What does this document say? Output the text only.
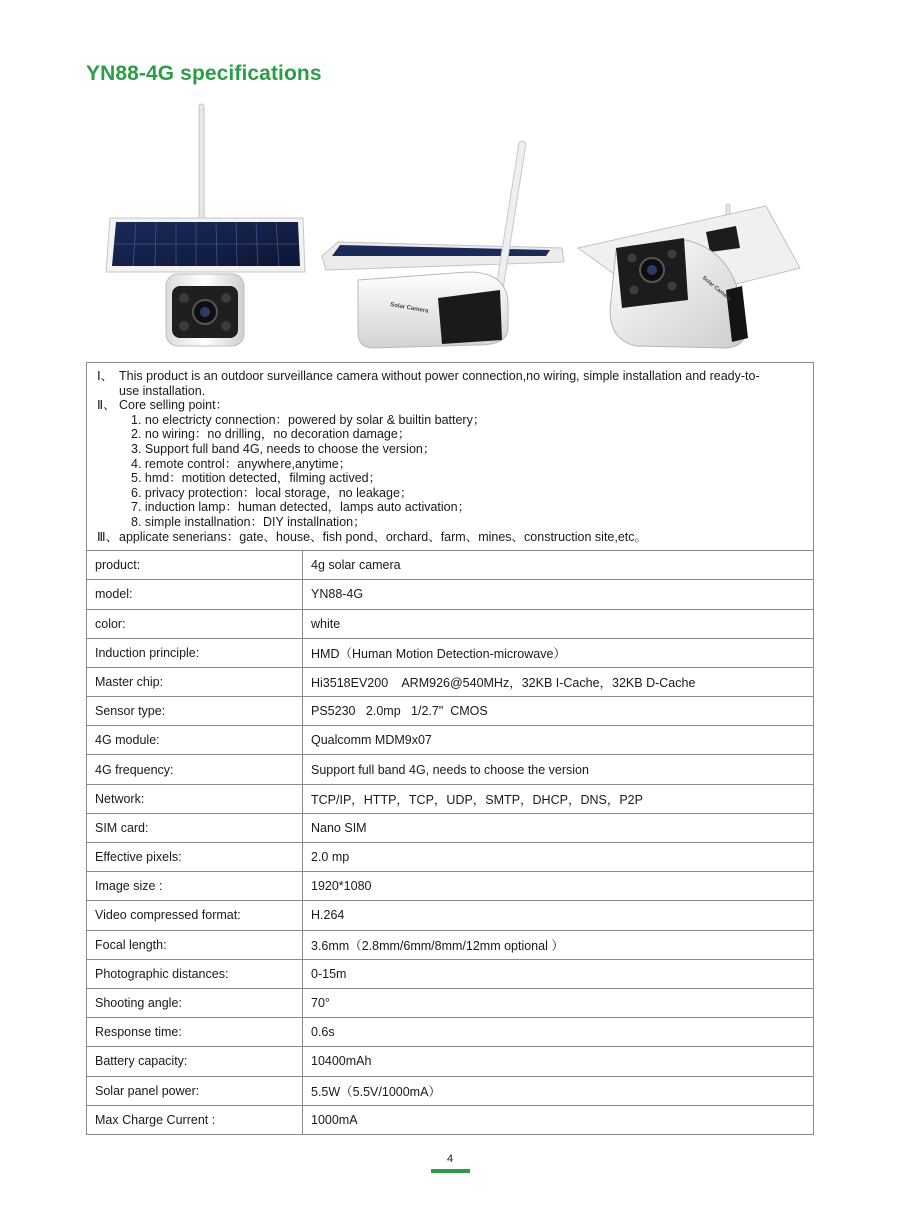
YN88-4G specifications
Solar Camera
Solar Camera
Ⅰ、 This product is an outdoor surveillance camera without power connection,no wiring, simple installation and ready-to-
use installation.
Ⅱ、 Core selling point：
1. no electricty connection：powered by solar & builtin battery；
2. no wiring：no drilling，no decoration damage；
3. Support full band 4G, needs to choose the version；
4. remote control：anywhere,anytime；
5. hmd：motition detected，filming actived；
6. privacy protection：local storage，no leakage；
7. induction lamp：human detected，lamps auto activation；
8. simple installnation：DIY installnation；
Ⅲ、 applicate senerians：gate、house、fish pond、orchard、farm、mines、construction site,etc。
product:	4g solar camera
model:	YN88-4G
color:	white
Induction principle:	HMD（Human Motion Detection-microwave）
Master chip:	Hi3518EV200    ARM926@540MHz，32KB I-Cache，32KB D-Cache
Sensor type:	PS5230   2.0mp   1/2.7"  CMOS
4G module:	Qualcomm MDM9x07
4G frequency:	Support full band 4G, needs to choose the version
Network:	TCP/IP，HTTP，TCP，UDP，SMTP，DHCP，DNS，P2P
SIM card:	Nano SIM
Effective pixels:	2.0 mp
Image size :	1920*1080
Video compressed format:	H.264
Focal length:	3.6mm（2.8mm/6mm/8mm/12mm optional ）
Photographic distances:	0-15m
Shooting angle:	70°
Response time:	0.6s
Battery capacity:	10400mAh
Solar panel power:	5.5W（5.5V/1000mA）
Max Charge Current :	1000mA
4
